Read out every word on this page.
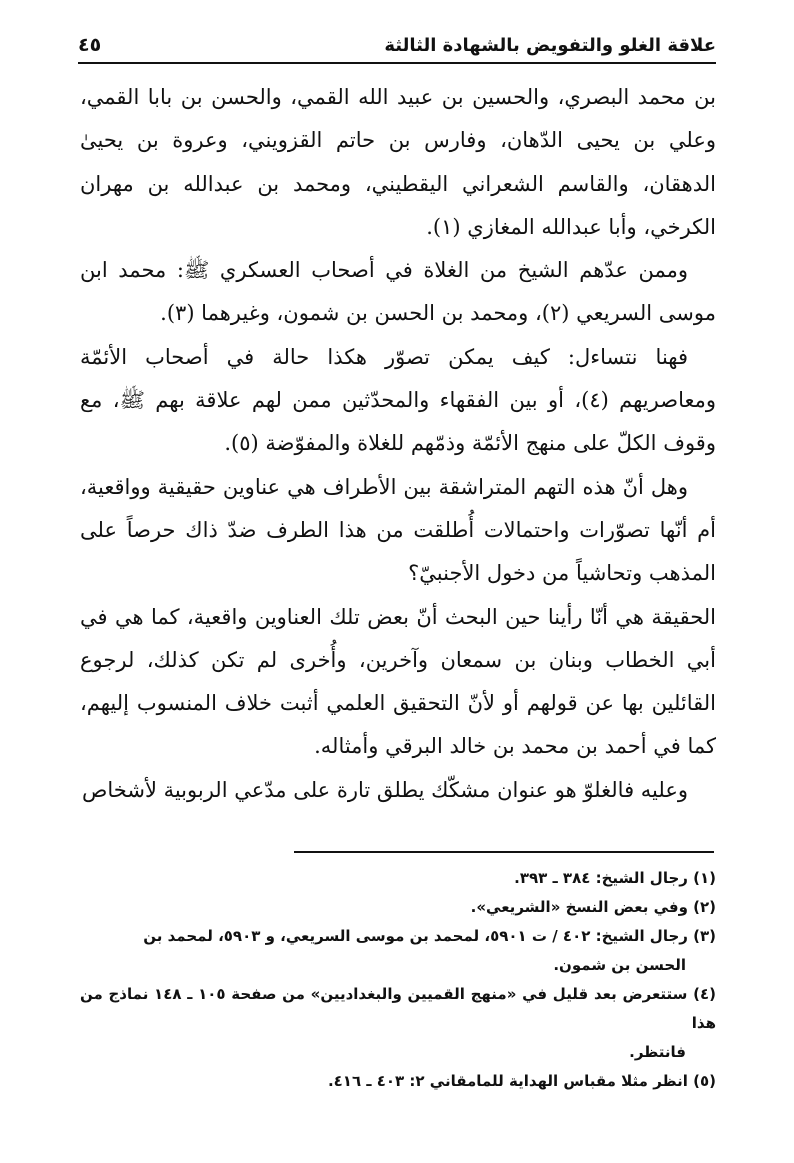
علاقة الغلو والتفويض بالشهادة الثالثة
٤٥

بن محمد البصري، والحسين بن عبيد الله القمي، والحسن بن بابا القمي، وعلي بن يحيى الدّهان، وفارس بن حاتم القزويني، وعروة بن يحيىٰ الدهقان، والقاسم الشعراني اليقطيني، ومحمد بن عبدالله بن مهران الكرخي، وأبا عبدالله المغازي (١).

وممن عدّهم الشيخ من الغلاة في أصحاب العسكري ﷺ: محمد ابن موسى السريعي (٢)، ومحمد بن الحسن بن شمون، وغيرهما (٣).

فهنا نتساءل: كيف يمكن تصوّر هكذا حالة في أصحاب الأئمّة ومعاصريهم (٤)، أو بين الفقهاء والمحدّثين ممن لهم علاقة بهم ﷺ، مع وقوف الكلّ على منهج الأئمّة وذمّهم للغلاة والمفوّضة (٥).

وهل أنّ هذه التهم المتراشقة بين الأطراف هي عناوين حقيقية وواقعية، أم أنّها تصوّرات واحتمالات أُطلقت من هذا الطرف ضدّ ذاك حرصاً على المذهب وتحاشياً من دخول الأجنبيّ؟

الحقيقة هي أنّا رأينا حين البحث أنّ بعض تلك العناوين واقعية، كما هي في أبي الخطاب وبنان بن سمعان وآخرين، وأُخرى لم تكن كذلك، لرجوع القائلين بها عن قولهم أو لأنّ التحقيق العلمي أثبت خلاف المنسوب إليهم، كما في أحمد بن محمد بن خالد البرقي وأمثاله.

وعليه فالغلوّ هو عنوان مشكّك يطلق تارة على مدّعي الربوبية لأشخاص

(١) رجال الشيخ: ٣٨٤ ـ ٣٩٣.

(٢) وفي بعض النسخ «الشريعي».

(٣) رجال الشيخ: ٤٠٢ / ت ٥٩٠١، لمحمد بن موسى السريعي، و ٥٩٠٣، لمحمد بن
الحسن بن شمون.

(٤) ستتعرض بعد قليل في «منهج القميين والبغداديين» من صفحة ١٠٥ ـ ١٤٨ نماذج من هذا
فانتظر.

(٥) انظر مثلا مقباس الهداية للمامقاني ٢: ٤٠٣ ـ ٤١٦.
